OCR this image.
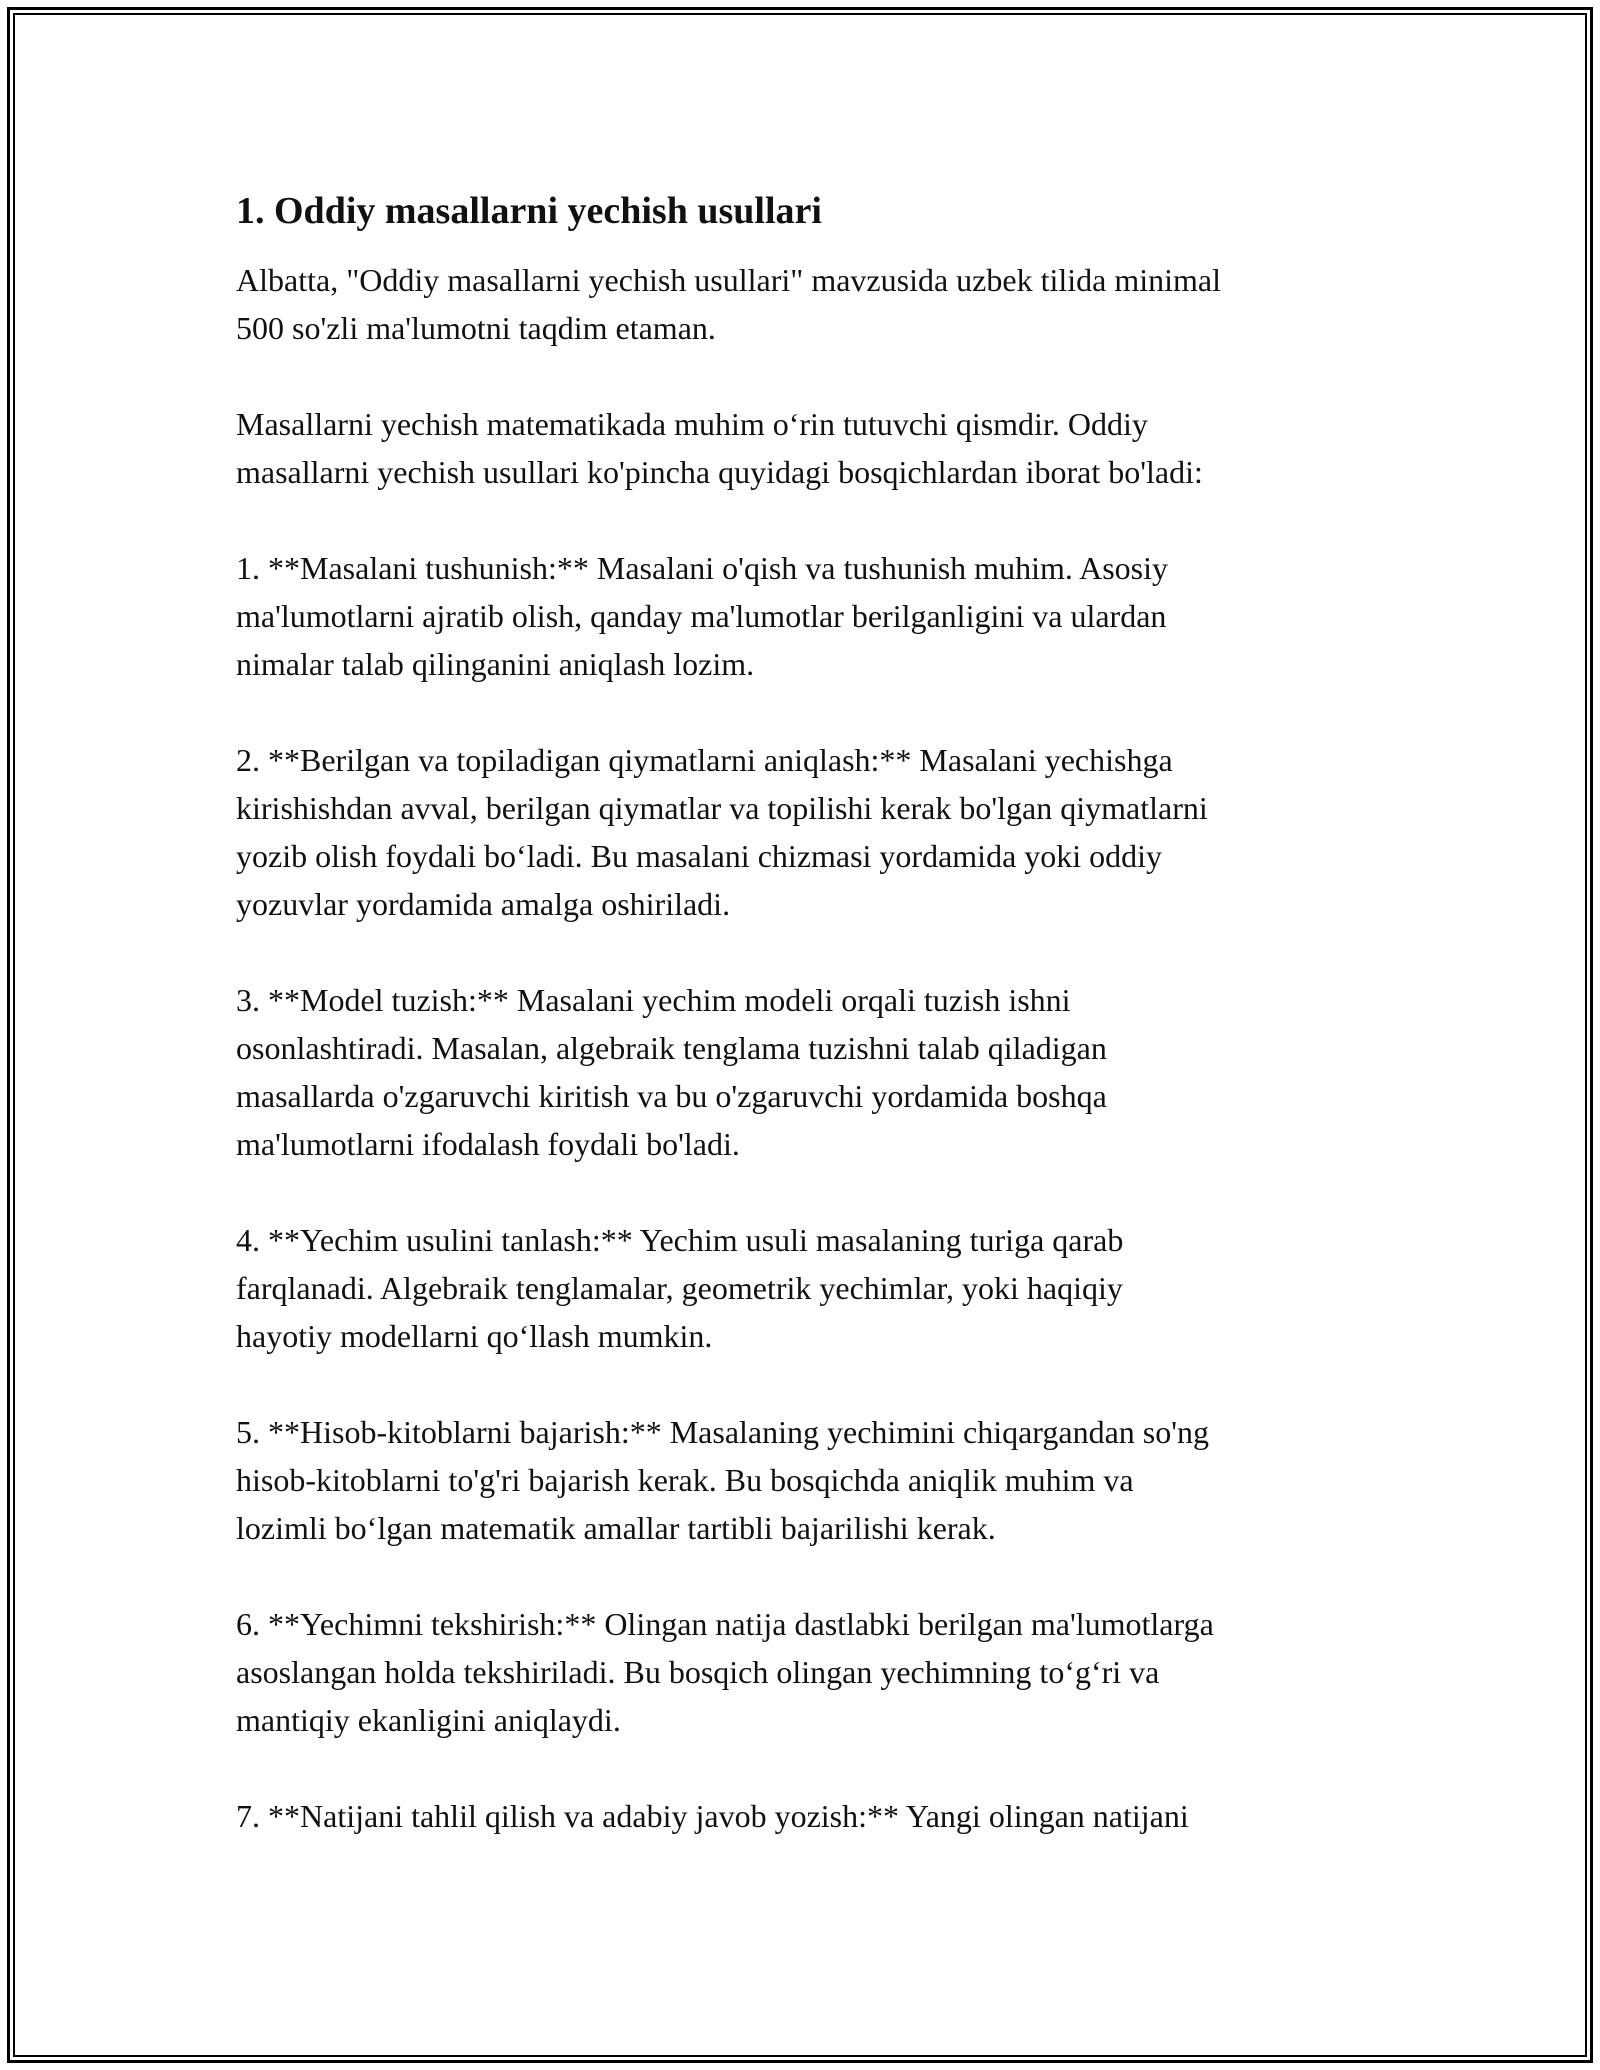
1. Oddiy masallarni yechish usullari

Albatta, "Oddiy masallarni yechish usullari" mavzusida uzbek tilida minimal
500 so'zli ma'lumotni taqdim etaman.

Masallarni yechish matematikada muhim o‘rin tutuvchi qismdir. Oddiy
masallarni yechish usullari ko'pincha quyidagi bosqichlardan iborat bo'ladi:

1. **Masalani tushunish:** Masalani o'qish va tushunish muhim. Asosiy
ma'lumotlarni ajratib olish, qanday ma'lumotlar berilganligini va ulardan
nimalar talab qilinganini aniqlash lozim.

2. **Berilgan va topiladigan qiymatlarni aniqlash:** Masalani yechishga
kirishishdan avval, berilgan qiymatlar va topilishi kerak bo'lgan qiymatlarni
yozib olish foydali bo‘ladi. Bu masalani chizmasi yordamida yoki oddiy
yozuvlar yordamida amalga oshiriladi.

3. **Model tuzish:** Masalani yechim modeli orqali tuzish ishni
osonlashtiradi. Masalan, algebraik tenglama tuzishni talab qiladigan
masallarda o'zgaruvchi kiritish va bu o'zgaruvchi yordamida boshqa
ma'lumotlarni ifodalash foydali bo'ladi.

4. **Yechim usulini tanlash:** Yechim usuli masalaning turiga qarab
farqlanadi. Algebraik tenglamalar, geometrik yechimlar, yoki haqiqiy
hayotiy modellarni qo‘llash mumkin.

5. **Hisob-kitoblarni bajarish:** Masalaning yechimini chiqargandan so'ng
hisob-kitoblarni to'g'ri bajarish kerak. Bu bosqichda aniqlik muhim va
lozimli bo‘lgan matematik amallar tartibli bajarilishi kerak.

6. **Yechimni tekshirish:** Olingan natija dastlabki berilgan ma'lumotlarga
asoslangan holda tekshiriladi. Bu bosqich olingan yechimning to‘g‘ri va
mantiqiy ekanligini aniqlaydi.

7. **Natijani tahlil qilish va adabiy javob yozish:** Yangi olingan natijani
